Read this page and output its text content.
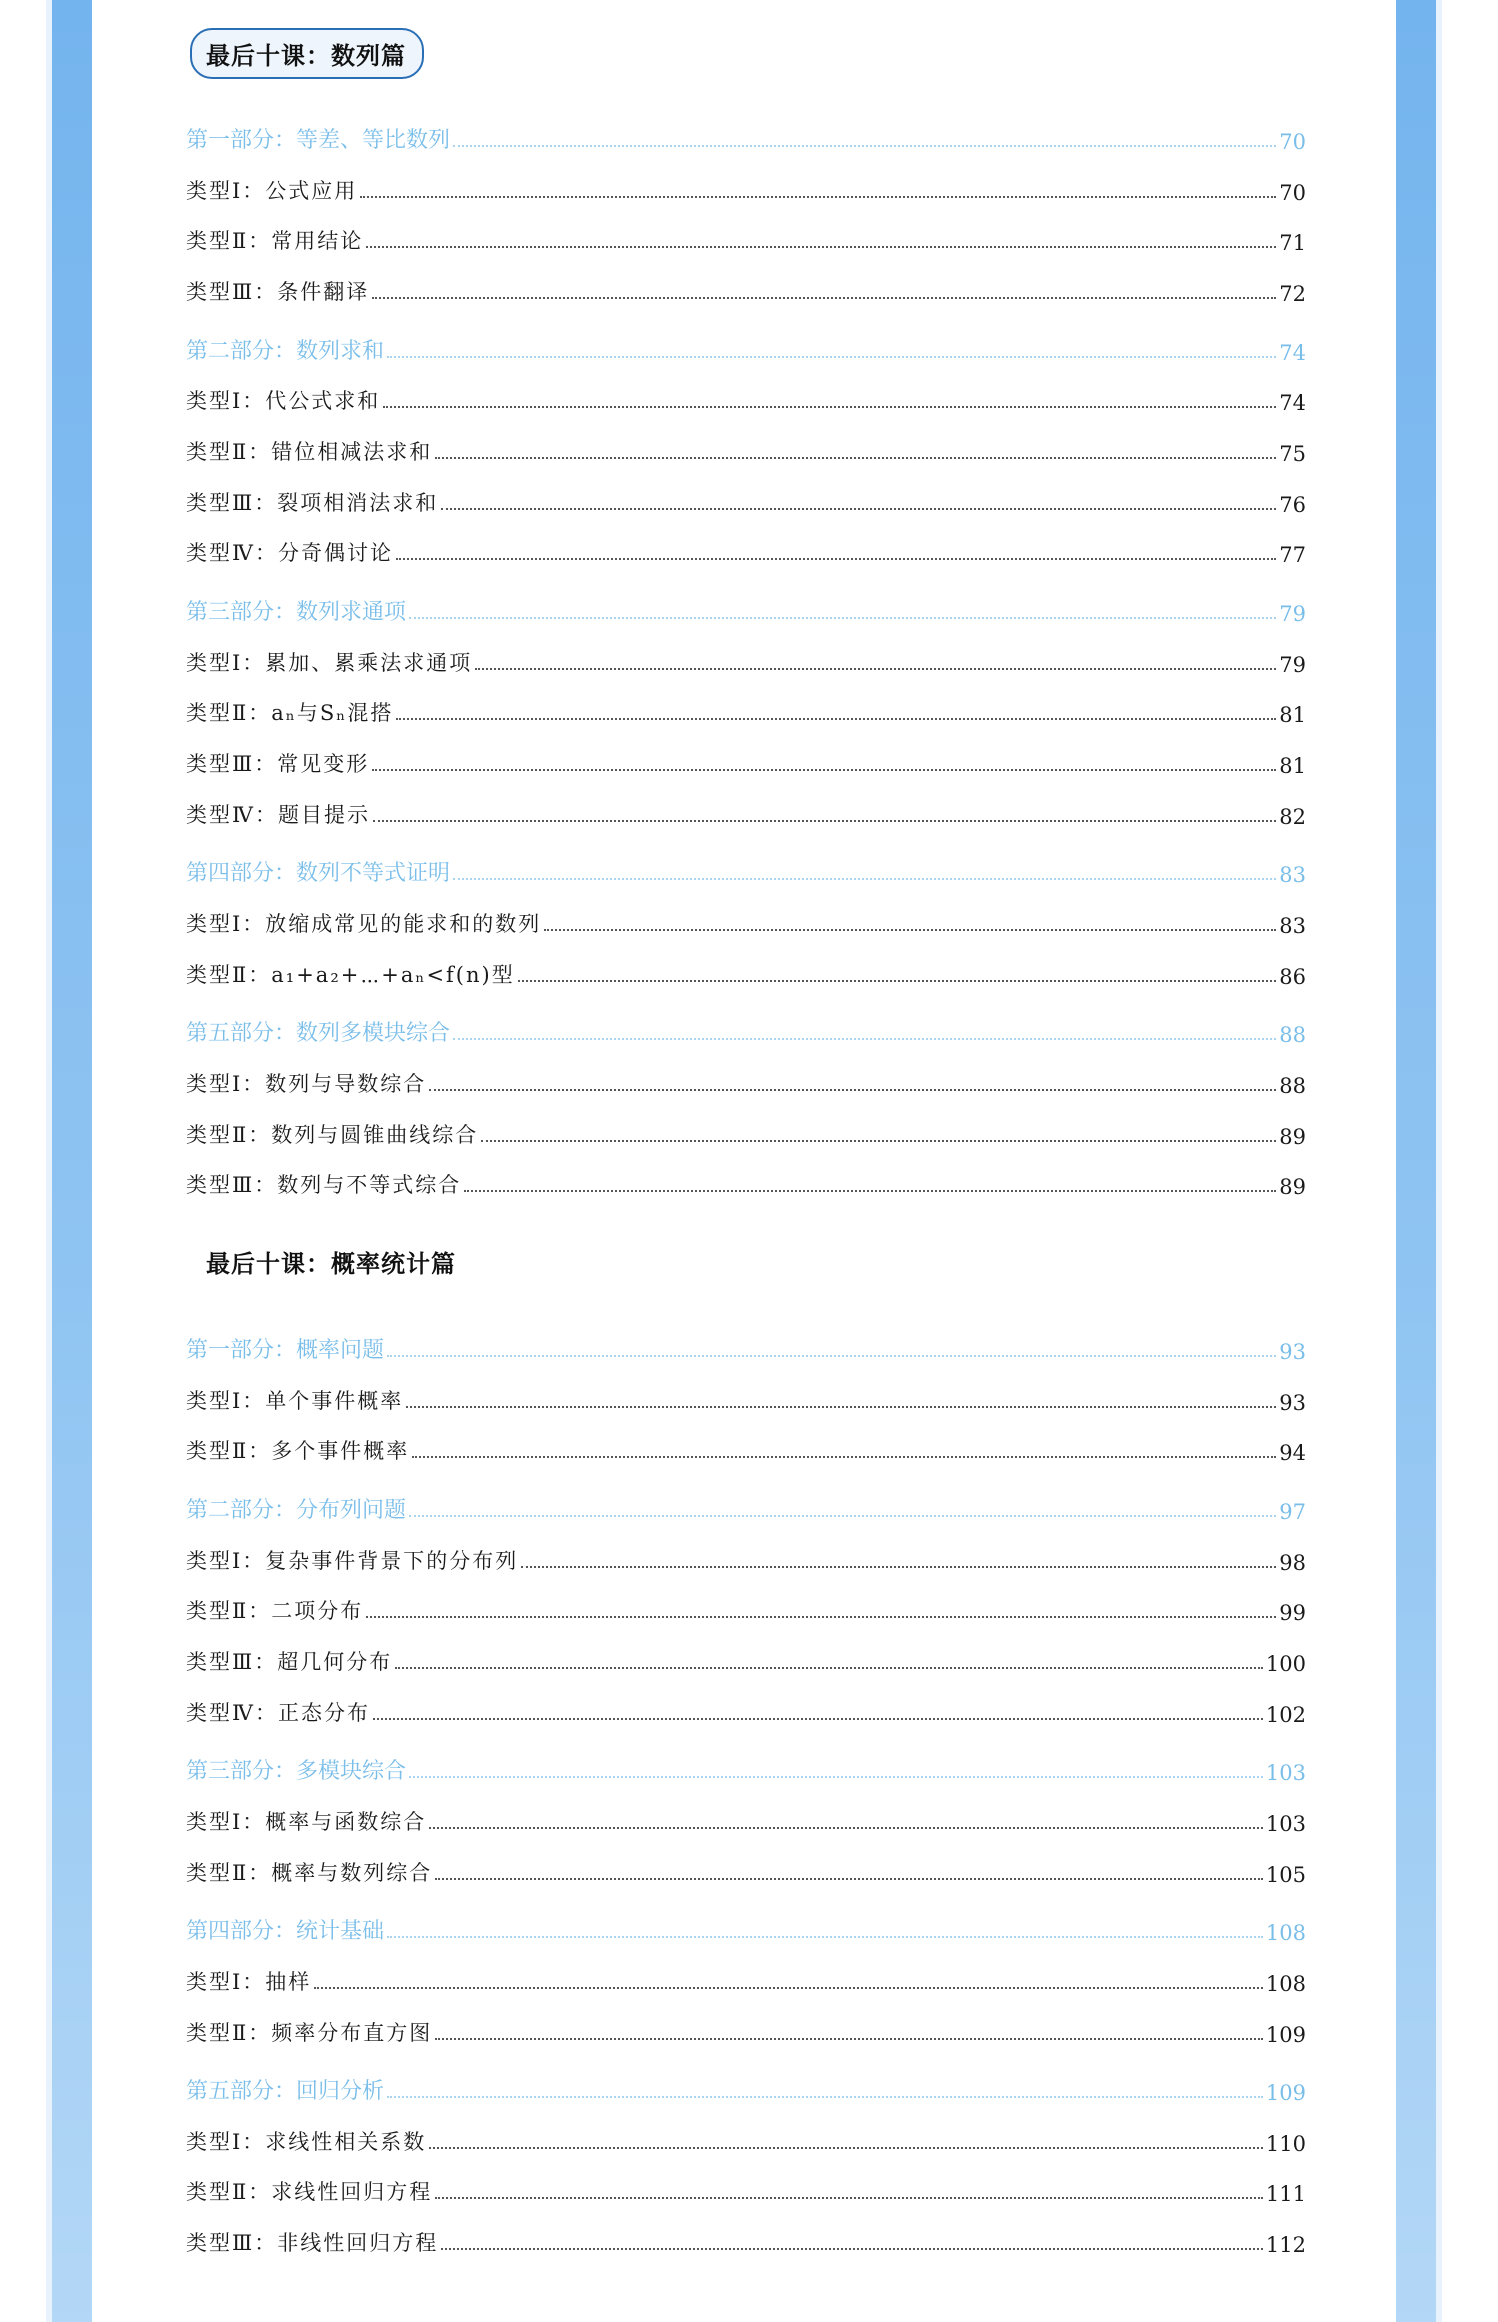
最后十课：数列篇
第一部分：等差、等比数列	70
类型Ⅰ：公式应用	70
类型Ⅱ：常用结论	71
类型Ⅲ：条件翻译	72
第二部分：数列求和	74
类型Ⅰ：代公式求和	74
类型Ⅱ：错位相减法求和	75
类型Ⅲ：裂项相消法求和	76
类型Ⅳ：分奇偶讨论	77
第三部分：数列求通项	79
类型Ⅰ：累加、累乘法求通项	79
类型Ⅱ：aₙ与Sₙ混搭	81
类型Ⅲ：常见变形	81
类型Ⅳ：题目提示	82
第四部分：数列不等式证明	83
类型Ⅰ：放缩成常见的能求和的数列	83
类型Ⅱ：a₁+a₂+⋯+aₙ<f(n)型	86
第五部分：数列多模块综合	88
类型Ⅰ：数列与导数综合	88
类型Ⅱ：数列与圆锥曲线综合	89
类型Ⅲ：数列与不等式综合	89
最后十课：概率统计篇
第一部分：概率问题	93
类型Ⅰ：单个事件概率	93
类型Ⅱ：多个事件概率	94
第二部分：分布列问题	97
类型Ⅰ：复杂事件背景下的分布列	98
类型Ⅱ：二项分布	99
类型Ⅲ：超几何分布	100
类型Ⅳ：正态分布	102
第三部分：多模块综合	103
类型Ⅰ：概率与函数综合	103
类型Ⅱ：概率与数列综合	105
第四部分：统计基础	108
类型Ⅰ：抽样	108
类型Ⅱ：频率分布直方图	109
第五部分：回归分析	109
类型Ⅰ：求线性相关系数	110
类型Ⅱ：求线性回归方程	111
类型Ⅲ：非线性回归方程	112
